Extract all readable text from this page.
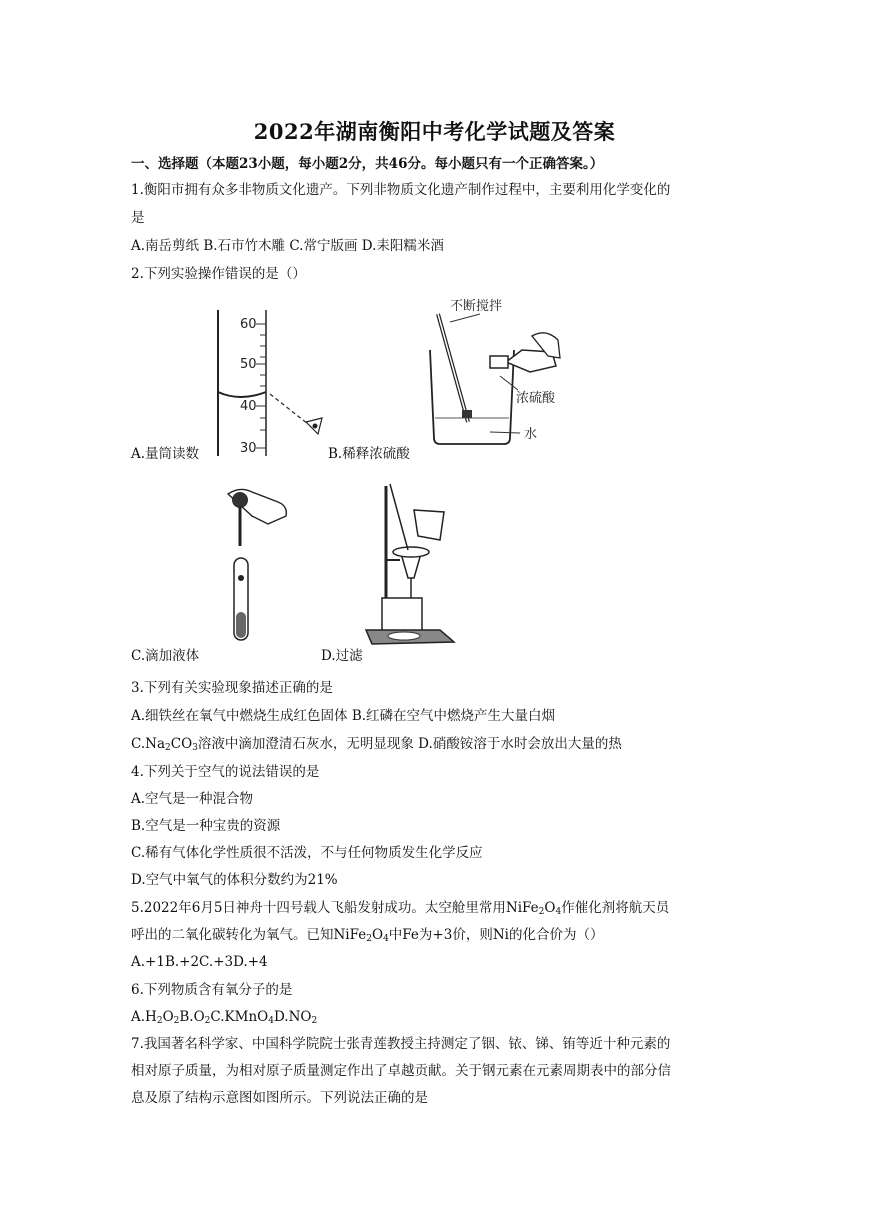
2022年湖南衡阳中考化学试题及答案
一、选择题（本题23小题，每小题2分，共46分。每小题只有一个正确答案。）
1.衡阳市拥有众多非物质文化遗产。下列非物质文化遗产制作过程中，主要利用化学变化的
是
A.南岳剪纸 B.石市竹木雕 C.常宁版画 D.耒阳糯米酒
2.下列实验操作错误的是（）
60
50
40
30
A.量筒读数
不断搅拌
浓硫酸
水
B.稀释浓硫酸
C.滴加液体	D.过滤
3.下列有关实验现象描述正确的是
A.细铁丝在氧气中燃烧生成红色固体 B.红磷在空气中燃烧产生大量白烟
$C.Na_2CO_3$溶液中滴加澄清石灰水，无明显现象 D.硝酸铵溶于水时会放出大量的热
4.下列关于空气的说法错误的是
A.空气是一种混合物
B.空气是一种宝贵的资源
C.稀有气体化学性质很不活泼，不与任何物质发生化学反应
D.空气中氧气的体积分数约为21%
5.2022年6月5日神舟十四号载人飞船发射成功。太空舱里常用$NiFe_2O_4$作催化剂将航天员
呼出的二氧化碳转化为氧气。已知$NiFe_2O_4$中Fe为+3价，则Ni的化合价为（）
A.+1B.+2C.+3D.+4
6.下列物质含有氧分子的是
$A.H_2O_2B.O_2C.KMnO_4D.NO_2$
7.我国著名科学家、中国科学院院士张青莲教授主持测定了铟、铱、锑、铕等近十种元素的
相对原子质量，为相对原子质量测定作出了卓越贡献。关于钢元素在元素周期表中的部分信
息及原了结构示意图如图所示。下列说法正确的是
